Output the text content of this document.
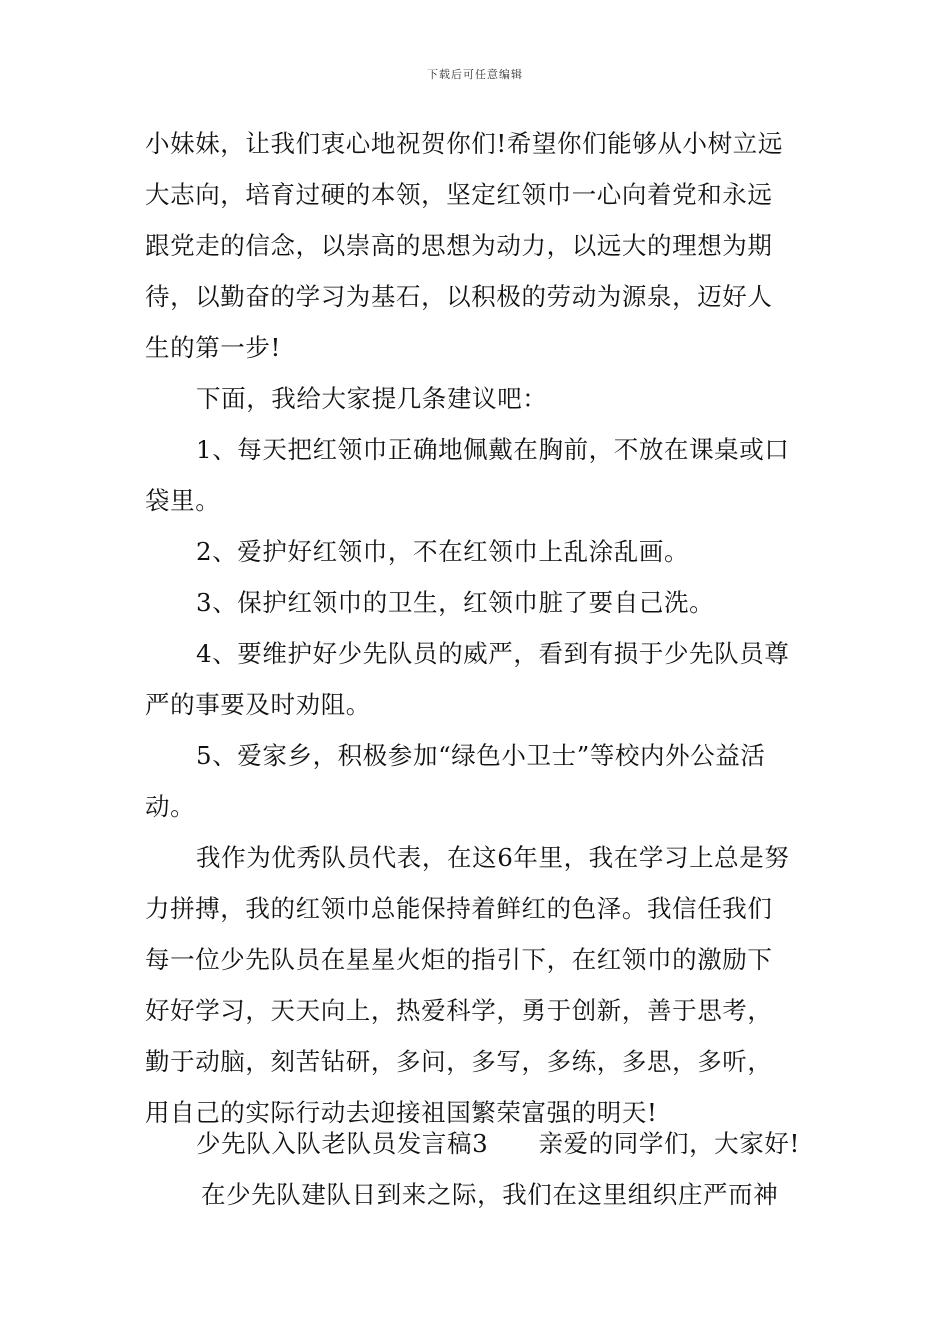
下载后可任意编辑
小妹妹，让我们衷心地祝贺你们!希望你们能够从小树立远
大志向，培育过硬的本领，坚定红领巾一心向着党和永远
跟党走的信念，以崇高的思想为动力，以远大的理想为期
待，以勤奋的学习为基石，以积极的劳动为源泉，迈好人
生的第一步!
下面，我给大家提几条建议吧：
1、每天把红领巾正确地佩戴在胸前，不放在课桌或口
袋里。
2、爱护好红领巾，不在红领巾上乱涂乱画。
3、保护红领巾的卫生，红领巾脏了要自己洗。
4、要维护好少先队员的威严，看到有损于少先队员尊
严的事要及时劝阻。
5、爱家乡，积极参加“绿色小卫士”等校内外公益活
动。
我作为优秀队员代表，在这6年里，我在学习上总是努
力拼搏，我的红领巾总能保持着鲜红的色泽。我信任我们
每一位少先队员在星星火炬的指引下，在红领巾的激励下
好好学习，天天向上，热爱科学，勇于创新，善于思考，
勤于动脑，刻苦钻研，多问，多写，多练，多思，多听，
用自己的实际行动去迎接祖国繁荣富强的明天!
少先队入队老队员发言稿3　　亲爱的同学们，大家好!
在少先队建队日到来之际，我们在这里组织庄严而神
